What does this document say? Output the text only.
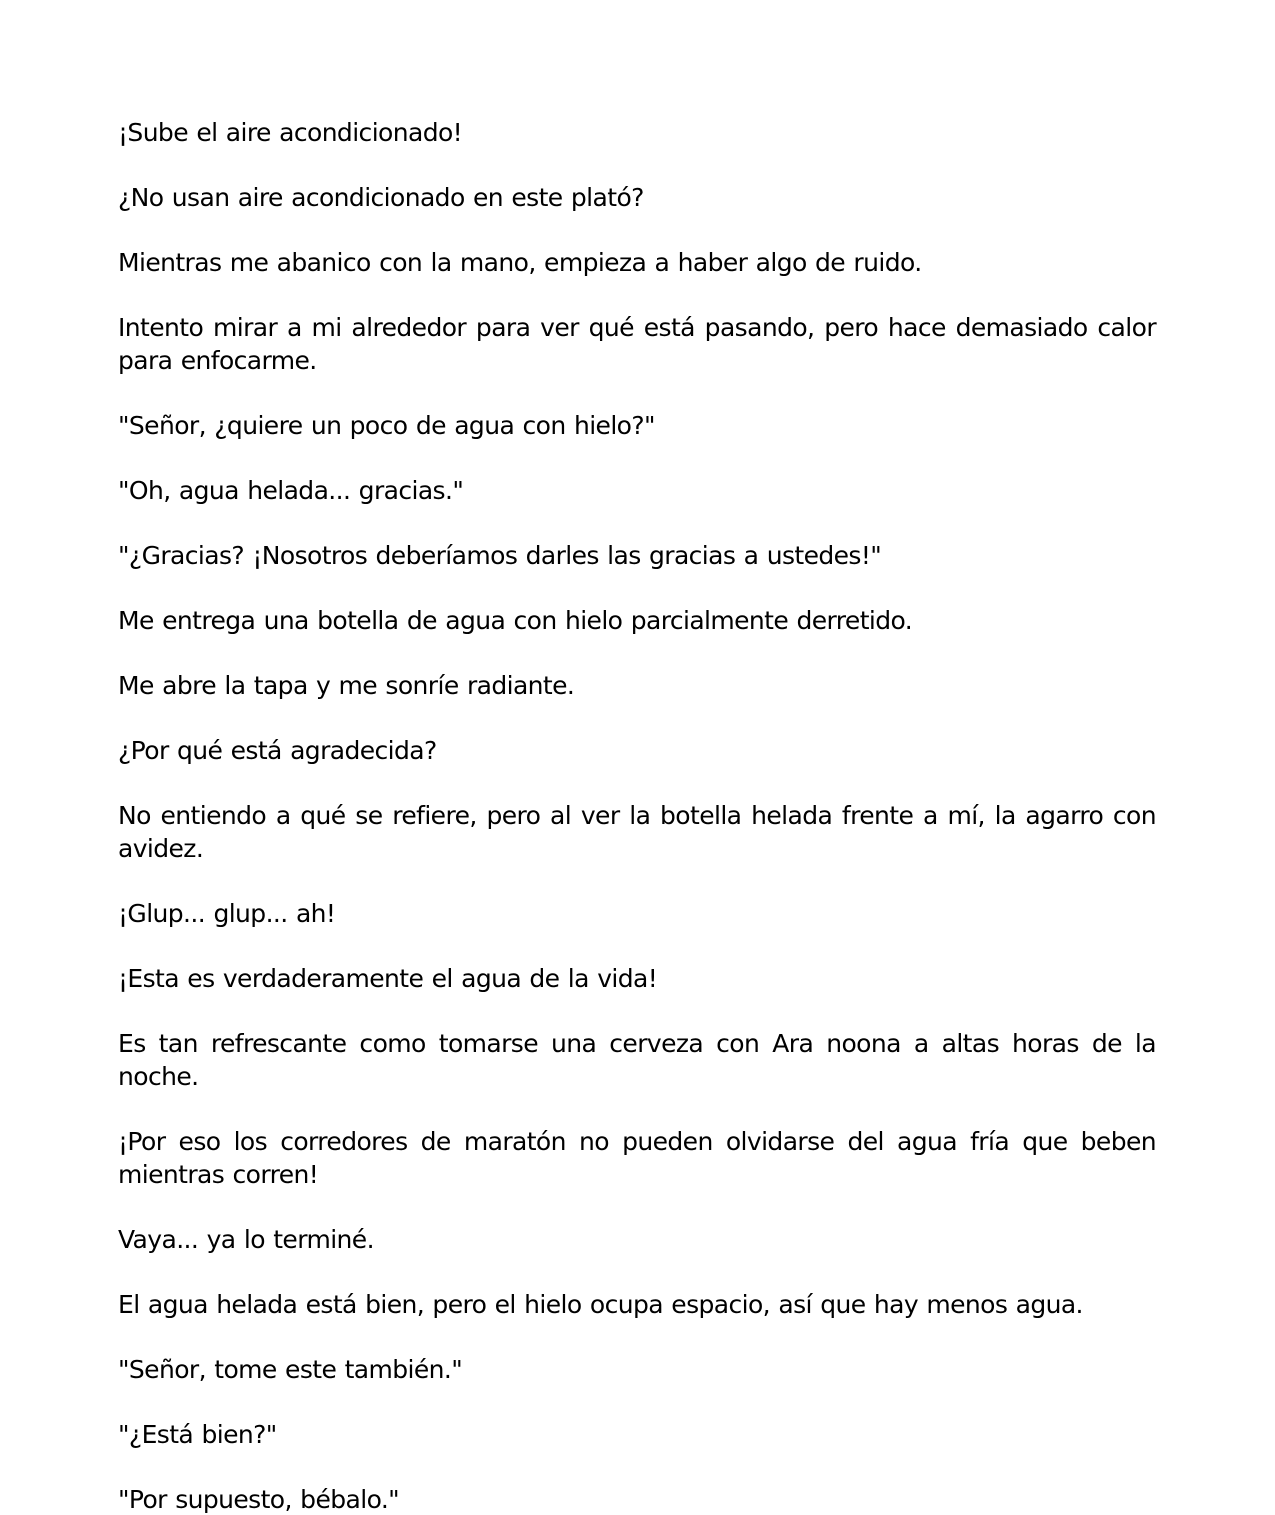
¡Sube el aire acondicionado!

¿No usan aire acondicionado en este plató?

Mientras me abanico con la mano, empieza a haber algo de ruido.

Intento mirar a mi alrededor para ver qué está pasando, pero hace demasiado calor para enfocarme.

"Señor, ¿quiere un poco de agua con hielo?"

"Oh, agua helada... gracias."

"¿Gracias? ¡Nosotros deberíamos darles las gracias a ustedes!"

Me entrega una botella de agua con hielo parcialmente derretido.

Me abre la tapa y me sonríe radiante.

¿Por qué está agradecida?

No entiendo a qué se refiere, pero al ver la botella helada frente a mí, la agarro con avidez.

¡Glup... glup... ah!

¡Esta es verdaderamente el agua de la vida!

Es tan refrescante como tomarse una cerveza con Ara noona a altas horas de la noche.

¡Por eso los corredores de maratón no pueden olvidarse del agua fría que beben mientras corren!

Vaya... ya lo terminé.

El agua helada está bien, pero el hielo ocupa espacio, así que hay menos agua.

"Señor, tome este también."

"¿Está bien?"

"Por supuesto, bébalo."
